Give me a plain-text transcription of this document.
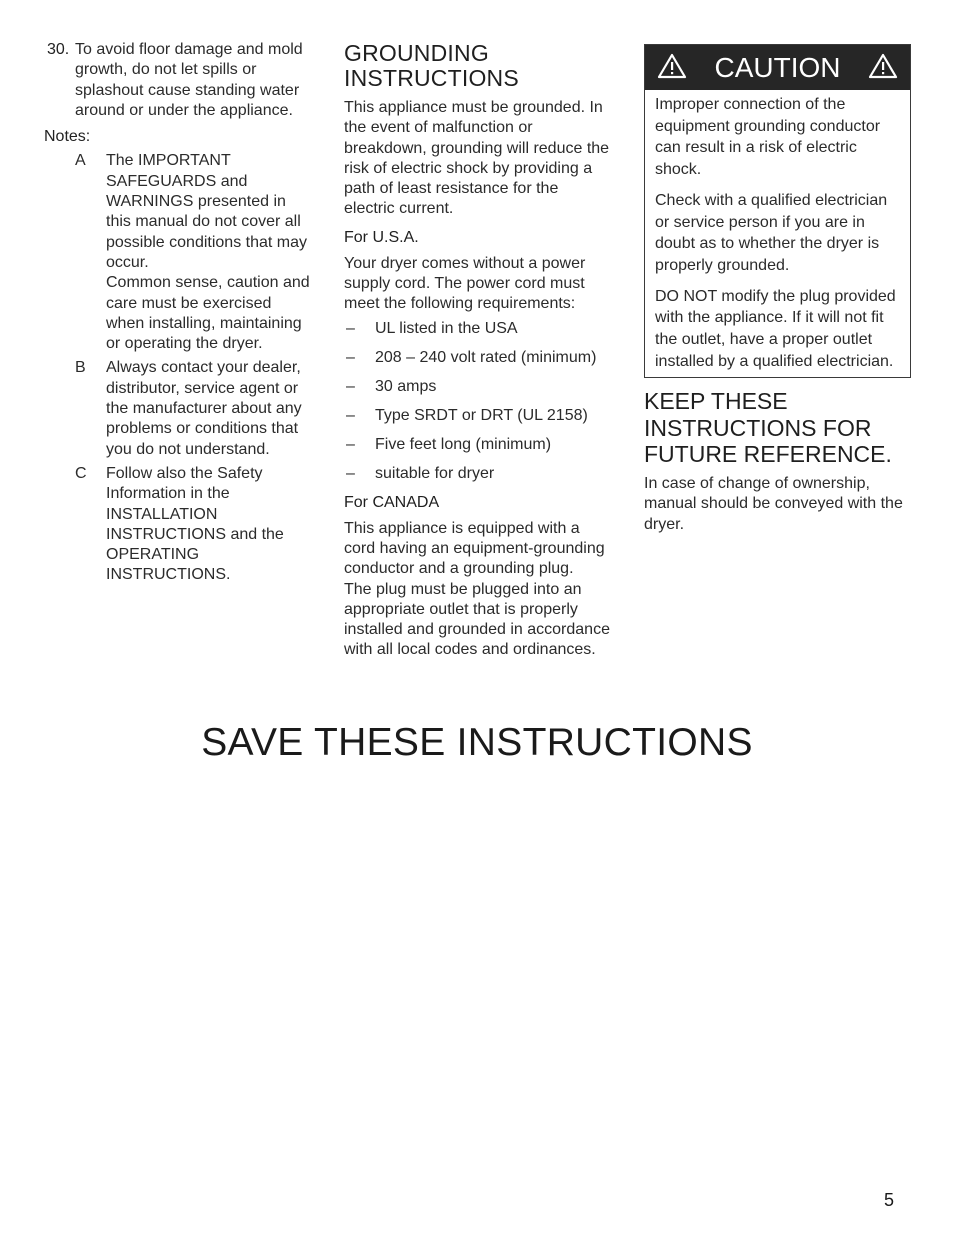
30. To avoid floor damage and mold growth, do not let spills or splashout cause standing water around or under the appliance.
Notes:
A The IMPORTANT SAFEGUARDS and WARNINGS presented in this manual do not cover all possible conditions that may occur.
Common sense, caution and care must be exercised when installing, maintaining or operating the dryer.
B Always contact your dealer, distributor, service agent or the manufacturer about any problems or conditions that you do not understand.
C Follow also the Safety Information in the INSTALLATION INSTRUCTIONS and the OPERATING INSTRUCTIONS.
GROUNDING INSTRUCTIONS

This appliance must be grounded. In the event of malfunction or breakdown, grounding will reduce the risk of electric shock by providing a path of least resistance for the electric current.

For U.S.A.

Your dryer comes without a power supply cord. The power cord must meet the following requirements:

– UL listed in the USA
– 208 – 240 volt rated (minimum)
– 30 amps
– Type SRDT or DRT (UL 2158)
– Five feet long (minimum)
– suitable for dryer
For CANADA

This appliance is equipped with a cord having an equipment-grounding conductor and a grounding plug.

The plug must be plugged into an appropriate outlet that is properly installed and grounded in accordance with all local codes and ordinances.

CAUTION

Improper connection of the equipment grounding conductor can result in a risk of electric shock.

Check with a qualified electrician or service person if you are in doubt as to whether the dryer is properly grounded.

DO NOT modify the plug provided with the appliance. If it will not fit the outlet, have a proper outlet installed by a qualified electrician.

KEEP THESE INSTRUCTIONS FOR FUTURE REFERENCE.

In case of change of ownership, manual should be conveyed with the dryer.

SAVE THESE INSTRUCTIONS
5
